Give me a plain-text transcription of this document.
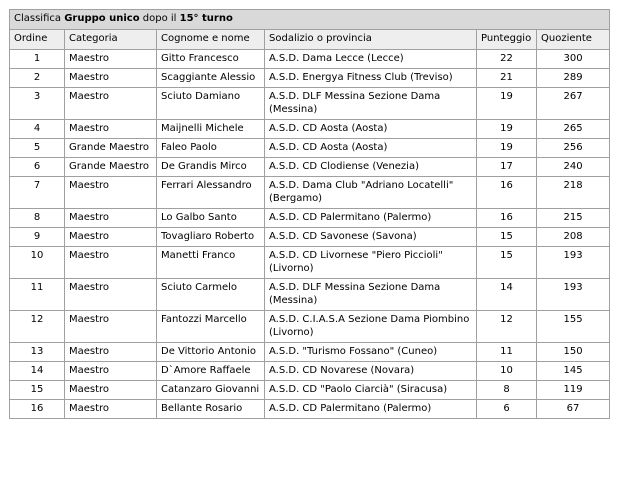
Classifica Gruppo unico dopo il 15° turno					
Ordine	Categoria	Cognome e nome	Sodalizio o provincia	Punteggio	Quoziente
1	Maestro	Gitto Francesco	A.S.D. Dama Lecce (Lecce)	22	300
2	Maestro	Scaggiante Alessio	A.S.D. Energya Fitness Club (Treviso)	21	289
3	Maestro	Sciuto Damiano	A.S.D. DLF Messina Sezione Dama (Messina)	19	267
4	Maestro	Maijnelli Michele	A.S.D. CD Aosta (Aosta)	19	265
5	Grande Maestro	Faleo Paolo	A.S.D. CD Aosta (Aosta)	19	256
6	Grande Maestro	De Grandis Mirco	A.S.D. CD Clodiense (Venezia)	17	240
7	Maestro	Ferrari Alessandro	A.S.D. Dama Club "Adriano Locatelli" (Bergamo)	16	218
8	Maestro	Lo Galbo Santo	A.S.D. CD Palermitano (Palermo)	16	215
9	Maestro	Tovagliaro Roberto	A.S.D. CD Savonese (Savona)	15	208
10	Maestro	Manetti Franco	A.S.D. CD Livornese "Piero Piccioli" (Livorno)	15	193
11	Maestro	Sciuto Carmelo	A.S.D. DLF Messina Sezione Dama (Messina)	14	193
12	Maestro	Fantozzi Marcello	A.S.D. C.I.A.S.A Sezione Dama Piombino (Livorno)	12	155
13	Maestro	De Vittorio Antonio	A.S.D. "Turismo Fossano" (Cuneo)	11	150
14	Maestro	D`Amore Raffaele	A.S.D. CD Novarese (Novara)	10	145
15	Maestro	Catanzaro Giovanni	A.S.D. CD "Paolo Ciarcià" (Siracusa)	8	119
16	Maestro	Bellante Rosario	A.S.D. CD Palermitano (Palermo)	6	67
